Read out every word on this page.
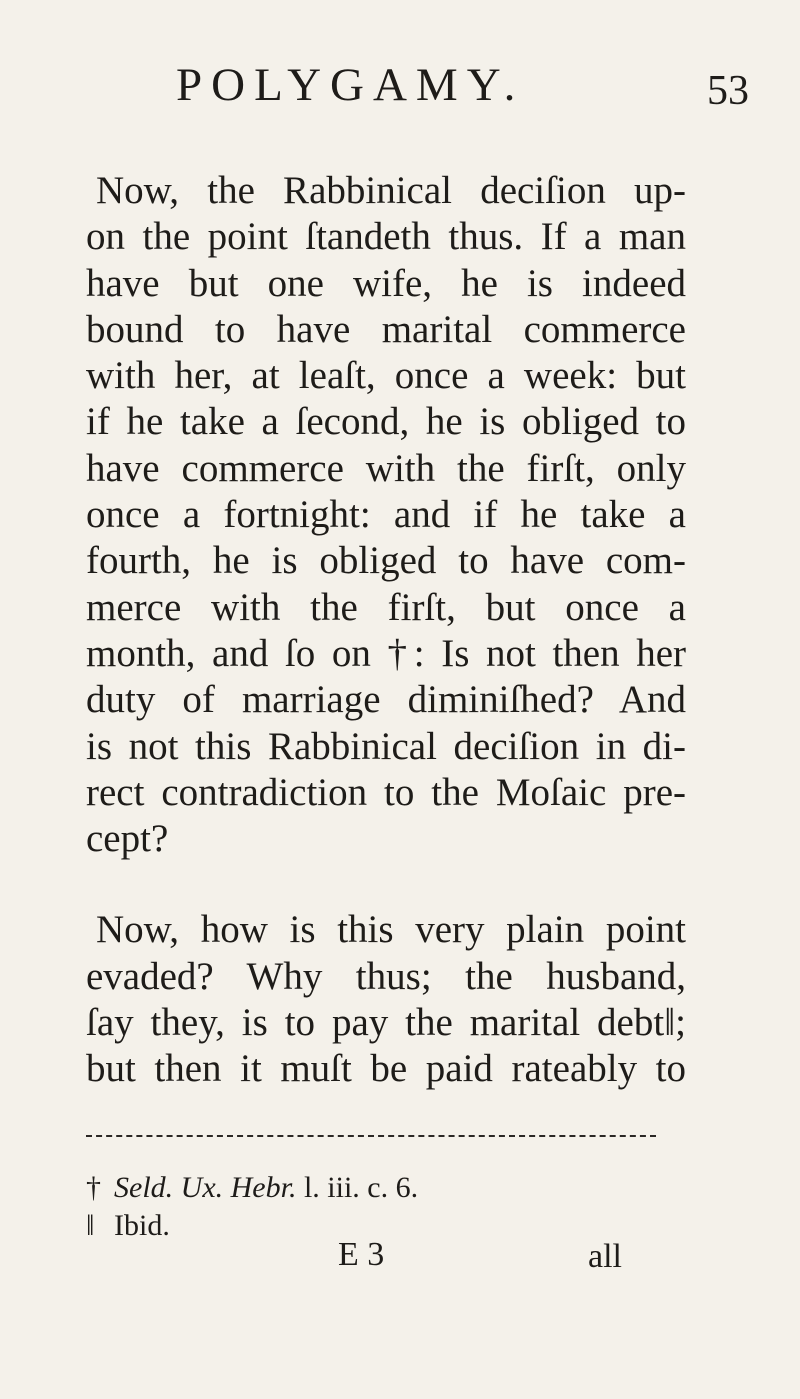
POLYGAMY.	53
Now, the Rabbinical deciſion up-
on the point ſtandeth thus. If a man
have but one wife, he is indeed
bound to have marital commerce
with her, at leaſt, once a week: but
if he take a ſecond, he is obliged to
have commerce with the firſt, only
once a fortnight: and if he take a
fourth, he is obliged to have com-
merce with the firſt, but once a
month, and ſo on †: Is not then her
duty of marriage diminiſhed? And
is not this Rabbinical deciſion in di-
rect contradiction to the Moſaic pre-
cept?
Now, how is this very plain point
evaded? Why thus; the husband,
ſay they, is to pay the marital debt‖;
but then it muſt be paid rateably to
† Seld. Ux. Hebr. l. iii. c. 6.
‖ Ibid.
E 3	all
